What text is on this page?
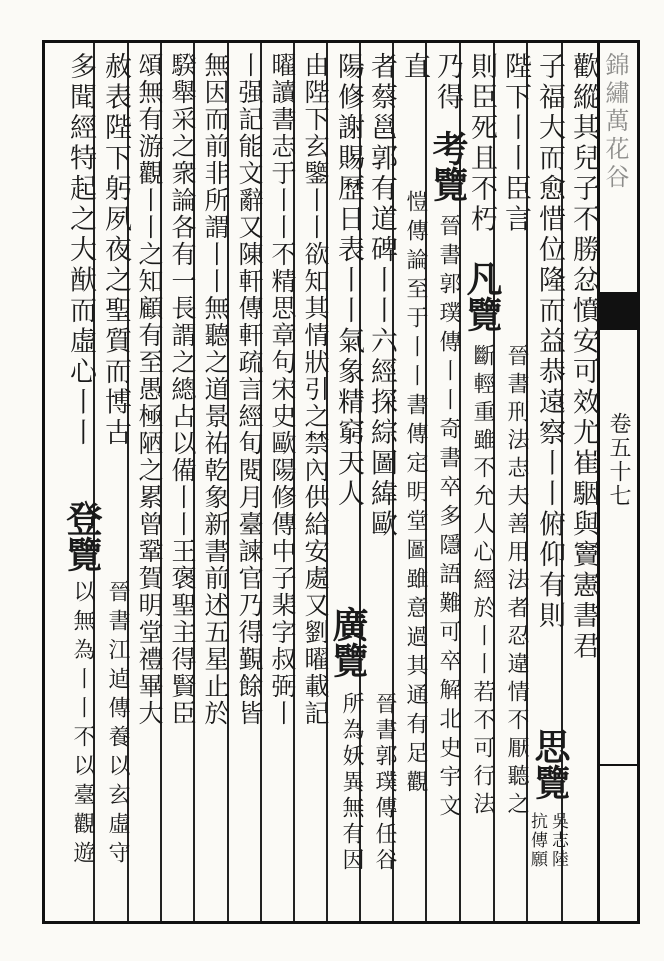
錦繡萬花谷
卷五十七
歡縱其兒子不勝忿憤安可效尤崔駰與竇憲書君
子福大而愈惜位隆而益恭遠察丨丨俯仰有則
思覽
吳志陸
抗傳願
陛下丨丨臣言
凡覽
晉書刑法志夫善用法者忍違情不厭聽之
則臣死且不朽
斷輕重雖不允人心經於丨丨若不可行法
乃得
考覽
晉書郭璞傳丨丨奇書卒多隱語難可卒解北史宇文
直
愷傳論至于丨丨書傳定明堂圖雖意過其通有足觀
者蔡邕郭有道碑丨丨六經探綜圖緯歐
廣覽
晉書郭璞傳任谷
陽修謝賜歷日表丨丨氣象精窮天人
所為妖異無有因
由陛下玄鑒丨丨欲知其情狀引之禁內供給安處又劉曜載記
曜讀書志于丨丨不精思章句宋史歐陽修傳中子棐字叔弼丨
丨强記能文辭又陳軒傳軒疏言經旬閱月臺諫官乃得覲餘皆
無因而前非所謂丨丨無聽之道景祐乾象新書前述五星止於
騤舉采之衆論各有一長謂之總占以備丨丨王褒聖主得賢臣
頌無有游觀丨丨之知顧有至愚極陋之累曾鞏賀明堂禮畢大
赦表陛下躬夙夜之聖質而博古
登覽
晉書江逌傳養以玄虛守
多聞經特起之大猷而虛心丨丨
以無為丨丨不以臺觀遊
